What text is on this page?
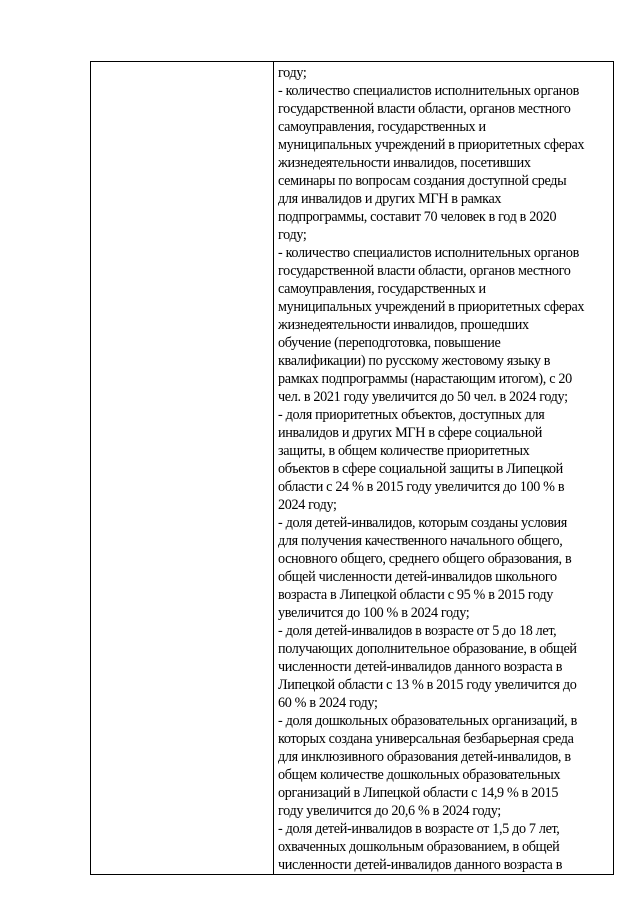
году;
- количество специалистов исполнительных органов
государственной власти области, органов местного
самоуправления, государственных и
муниципальных учреждений в приоритетных сферах
жизнедеятельности инвалидов, посетивших
семинары по вопросам создания доступной среды
для инвалидов и других МГН в рамках
подпрограммы, составит 70 человек в год в 2020
году;
- количество специалистов исполнительных органов
государственной власти области, органов местного
самоуправления, государственных и
муниципальных учреждений в приоритетных сферах
жизнедеятельности инвалидов, прошедших
обучение (переподготовка, повышение
квалификации) по русскому жестовому языку в
рамках подпрограммы (нарастающим итогом), с 20
чел. в 2021 году увеличится до 50 чел. в 2024 году;
- доля приоритетных объектов, доступных для
инвалидов и других МГН в сфере социальной
защиты, в общем количестве приоритетных
объектов в сфере социальной защиты в Липецкой
области с 24 % в 2015 году увеличится до 100 % в
2024 году;
- доля детей-инвалидов, которым созданы условия
для получения качественного начального общего,
основного общего, среднего общего образования, в
общей численности детей-инвалидов школьного
возраста в Липецкой области с 95 % в 2015 году
увеличится до 100 % в 2024 году;
- доля детей-инвалидов в возрасте от 5 до 18 лет,
получающих дополнительное образование, в общей
численности детей-инвалидов данного возраста в
Липецкой области с 13 % в 2015 году увеличится до
60 % в 2024 году;
- доля дошкольных образовательных организаций, в
которых создана универсальная безбарьерная среда
для инклюзивного образования детей-инвалидов, в
общем количестве дошкольных образовательных
организаций в Липецкой области с 14,9 % в 2015
году увеличится до 20,6 % в 2024 году;
- доля детей-инвалидов в возрасте от 1,5 до 7 лет,
охваченных дошкольным образованием, в общей
численности детей-инвалидов данного возраста в
